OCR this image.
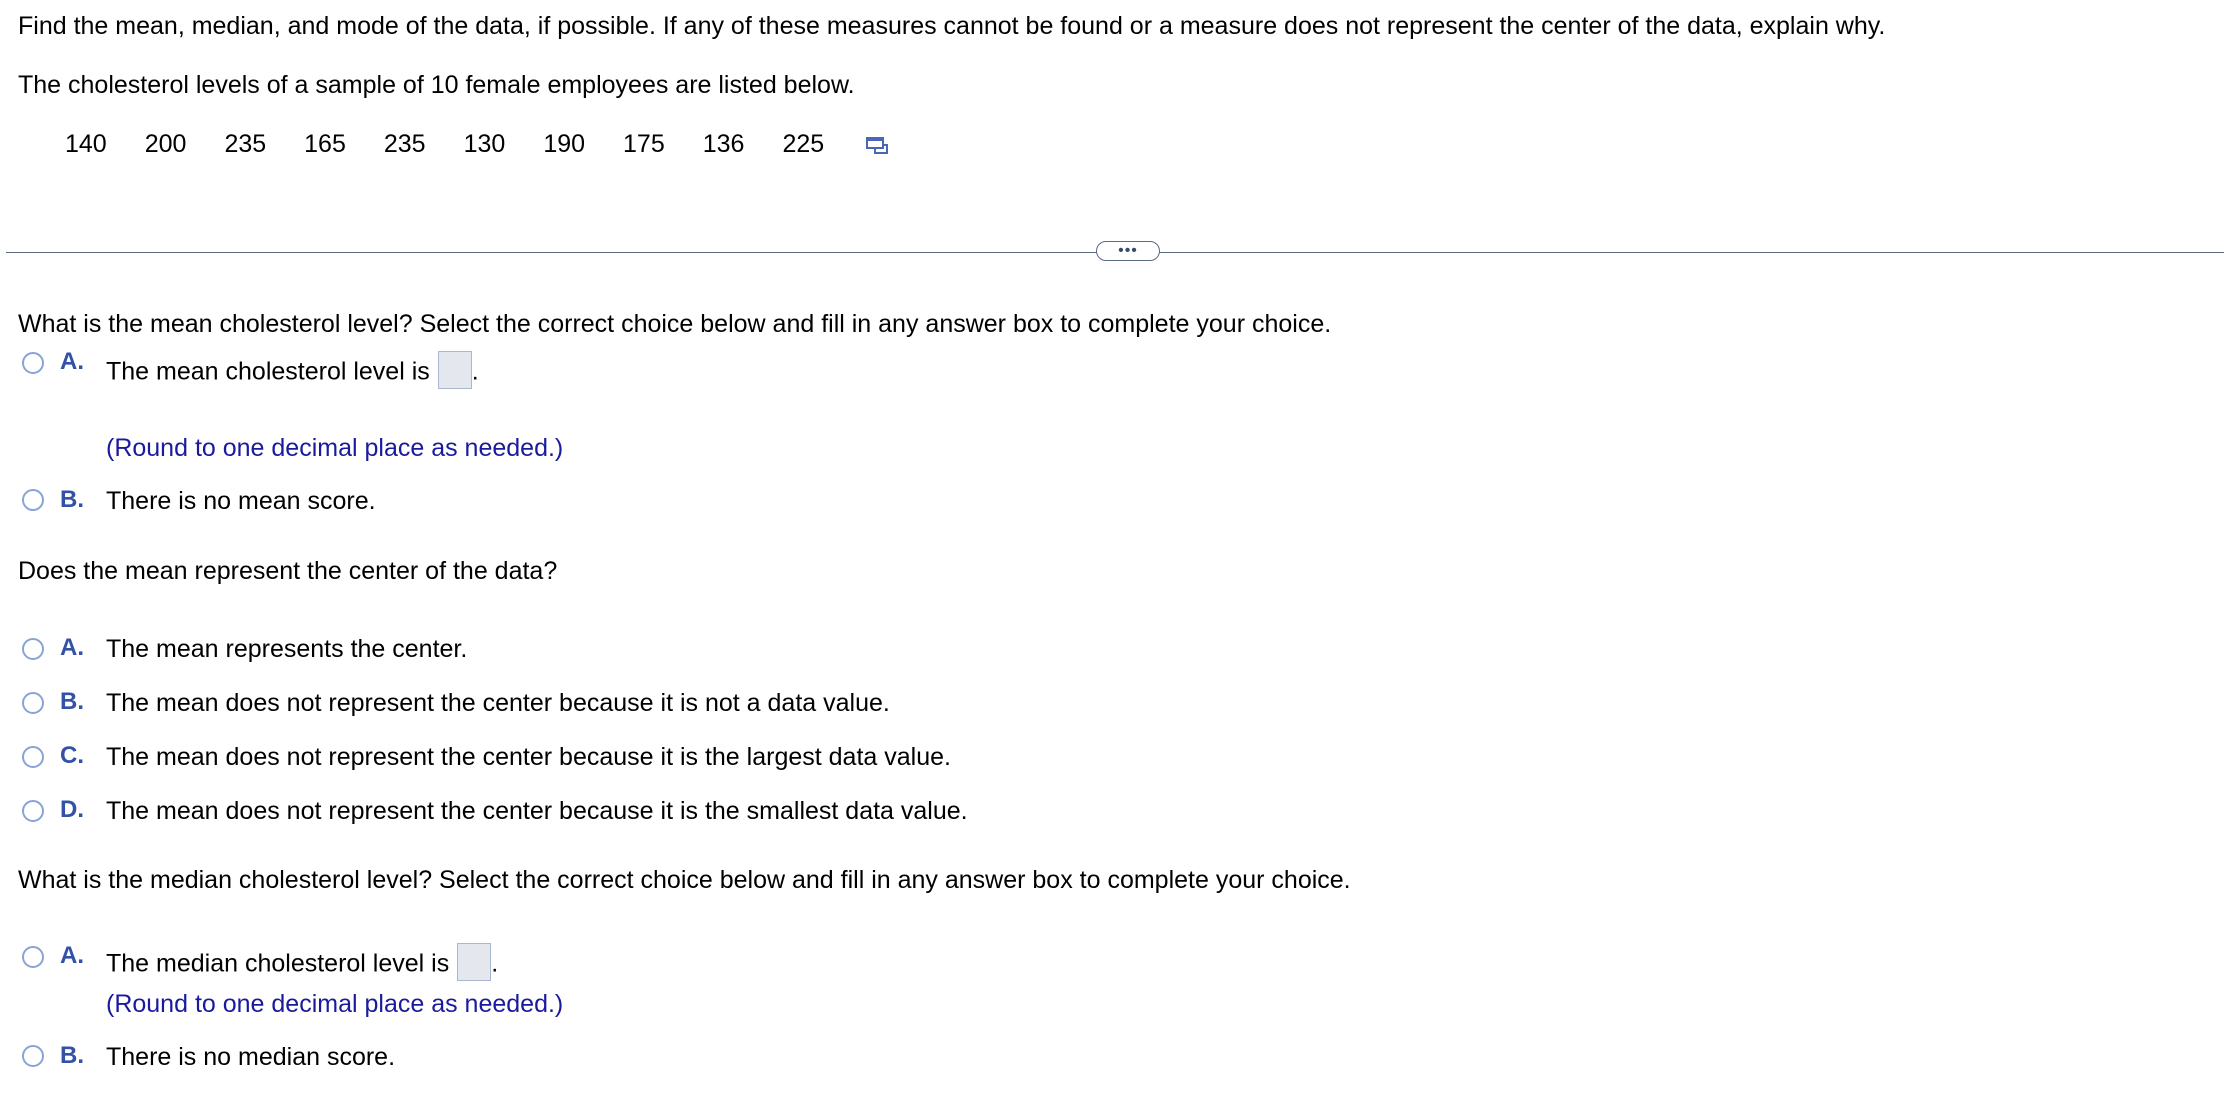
Find the mean, median, and mode of the data, if possible. If any of these measures cannot be found or a measure does not represent the center of the data, explain why.
The cholesterol levels of a sample of 10 female employees are listed below.
140 200 235 165 235 130 190 175 136 225
•••
What is the mean cholesterol level? Select the correct choice below and fill in any answer box to complete your choice.
A. The mean cholesterol level is .
(Round to one decimal place as needed.)
B. There is no mean score.
Does the mean represent the center of the data?
A. The mean represents the center.
B. The mean does not represent the center because it is not a data value.
C. The mean does not represent the center because it is the largest data value.
D. The mean does not represent the center because it is the smallest data value.
What is the median cholesterol level? Select the correct choice below and fill in any answer box to complete your choice.
A. The median cholesterol level is .
(Round to one decimal place as needed.)
B. There is no median score.
